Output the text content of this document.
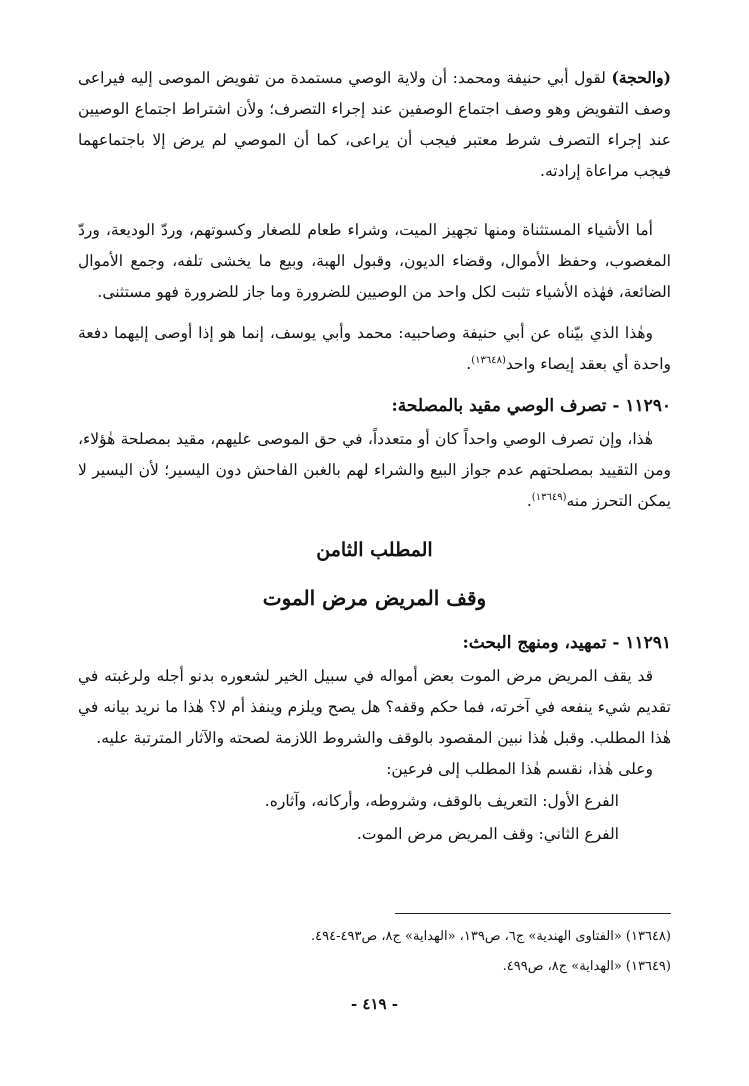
(والحجة) لقول أبي حنيفة ومحمد: أن ولاية الوصي مستمدة من تفويض الموصى إليه فيراعى وصف التفويض وهو وصف اجتماع الوصفين عند إجراء التصرف؛ ولأن اشتراط اجتماع الوصيين عند إجراء التصرف شرط معتبر فيجب أن يراعى، كما أن الموصي لم يرض إلا باجتماعهما فيجب مراعاة إرادته.

أما الأشياء المستثناة ومنها تجهيز الميت، وشراء طعام للصغار وكسوتهم، وردّ الوديعة، وردّ المغصوب، وحفظ الأموال، وقضاء الديون، وقبول الهبة، وبيع ما يخشى تلفه، وجمع الأموال الضائعة، فهٰذه الأشياء تثبت لكل واحد من الوصيين للضرورة وما جاز للضرورة فهو مستثنى.

وهٰذا الذي بيّناه عن أبي حنيفة وصاحبيه: محمد وأبي يوسف، إنما هو إذا أوصى إليهما دفعة واحدة أي بعقد إيصاء واحد$^{(١٣٦٤٨)}$.

١١٢٩٠ - تصرف الوصي مقيد بالمصلحة:

هٰذا، وإن تصرف الوصي واحداً كان أو متعدداً، في حق الموصى عليهم، مقيد بمصلحة هٰؤلاء، ومن التقييد بمصلحتهم عدم جواز البيع والشراء لهم بالغبن الفاحش دون اليسير؛ لأن اليسير لا يمكن التحرز منه$^{(١٣٦٤٩)}$.

المطلب الثامن

وقف المريض مرض الموت

١١٢٩١ - تمهيد، ومنهج البحث:

قد يقف المريض مرض الموت بعض أمواله في سبيل الخير لشعوره بدنو أجله ولرغبته في تقديم شيء ينفعه في آخرته، فما حكم وقفه؟ هل يصح ويلزم وينفذ أم لا؟ هٰذا ما نريد بيانه في هٰذا المطلب. وقبل هٰذا نبين المقصود بالوقف والشروط اللازمة لصحته والآثار المترتبة عليه.

وعلى هٰذا، نقسم هٰذا المطلب إلى فرعين:

الفرع الأول: التعريف بالوقف، وشروطه، وأركانه، وآثاره.

الفرع الثاني: وقف المريض مرض الموت.

(١٣٦٤٨) «الفتاوى الهندية» ج٦، ص١٣٩، «الهداية» ج٨، ص٤٩٣-٤٩٤.

(١٣٦٤٩) «الهداية» ج٨، ص٤٩٩.

- ٤١٩ -
